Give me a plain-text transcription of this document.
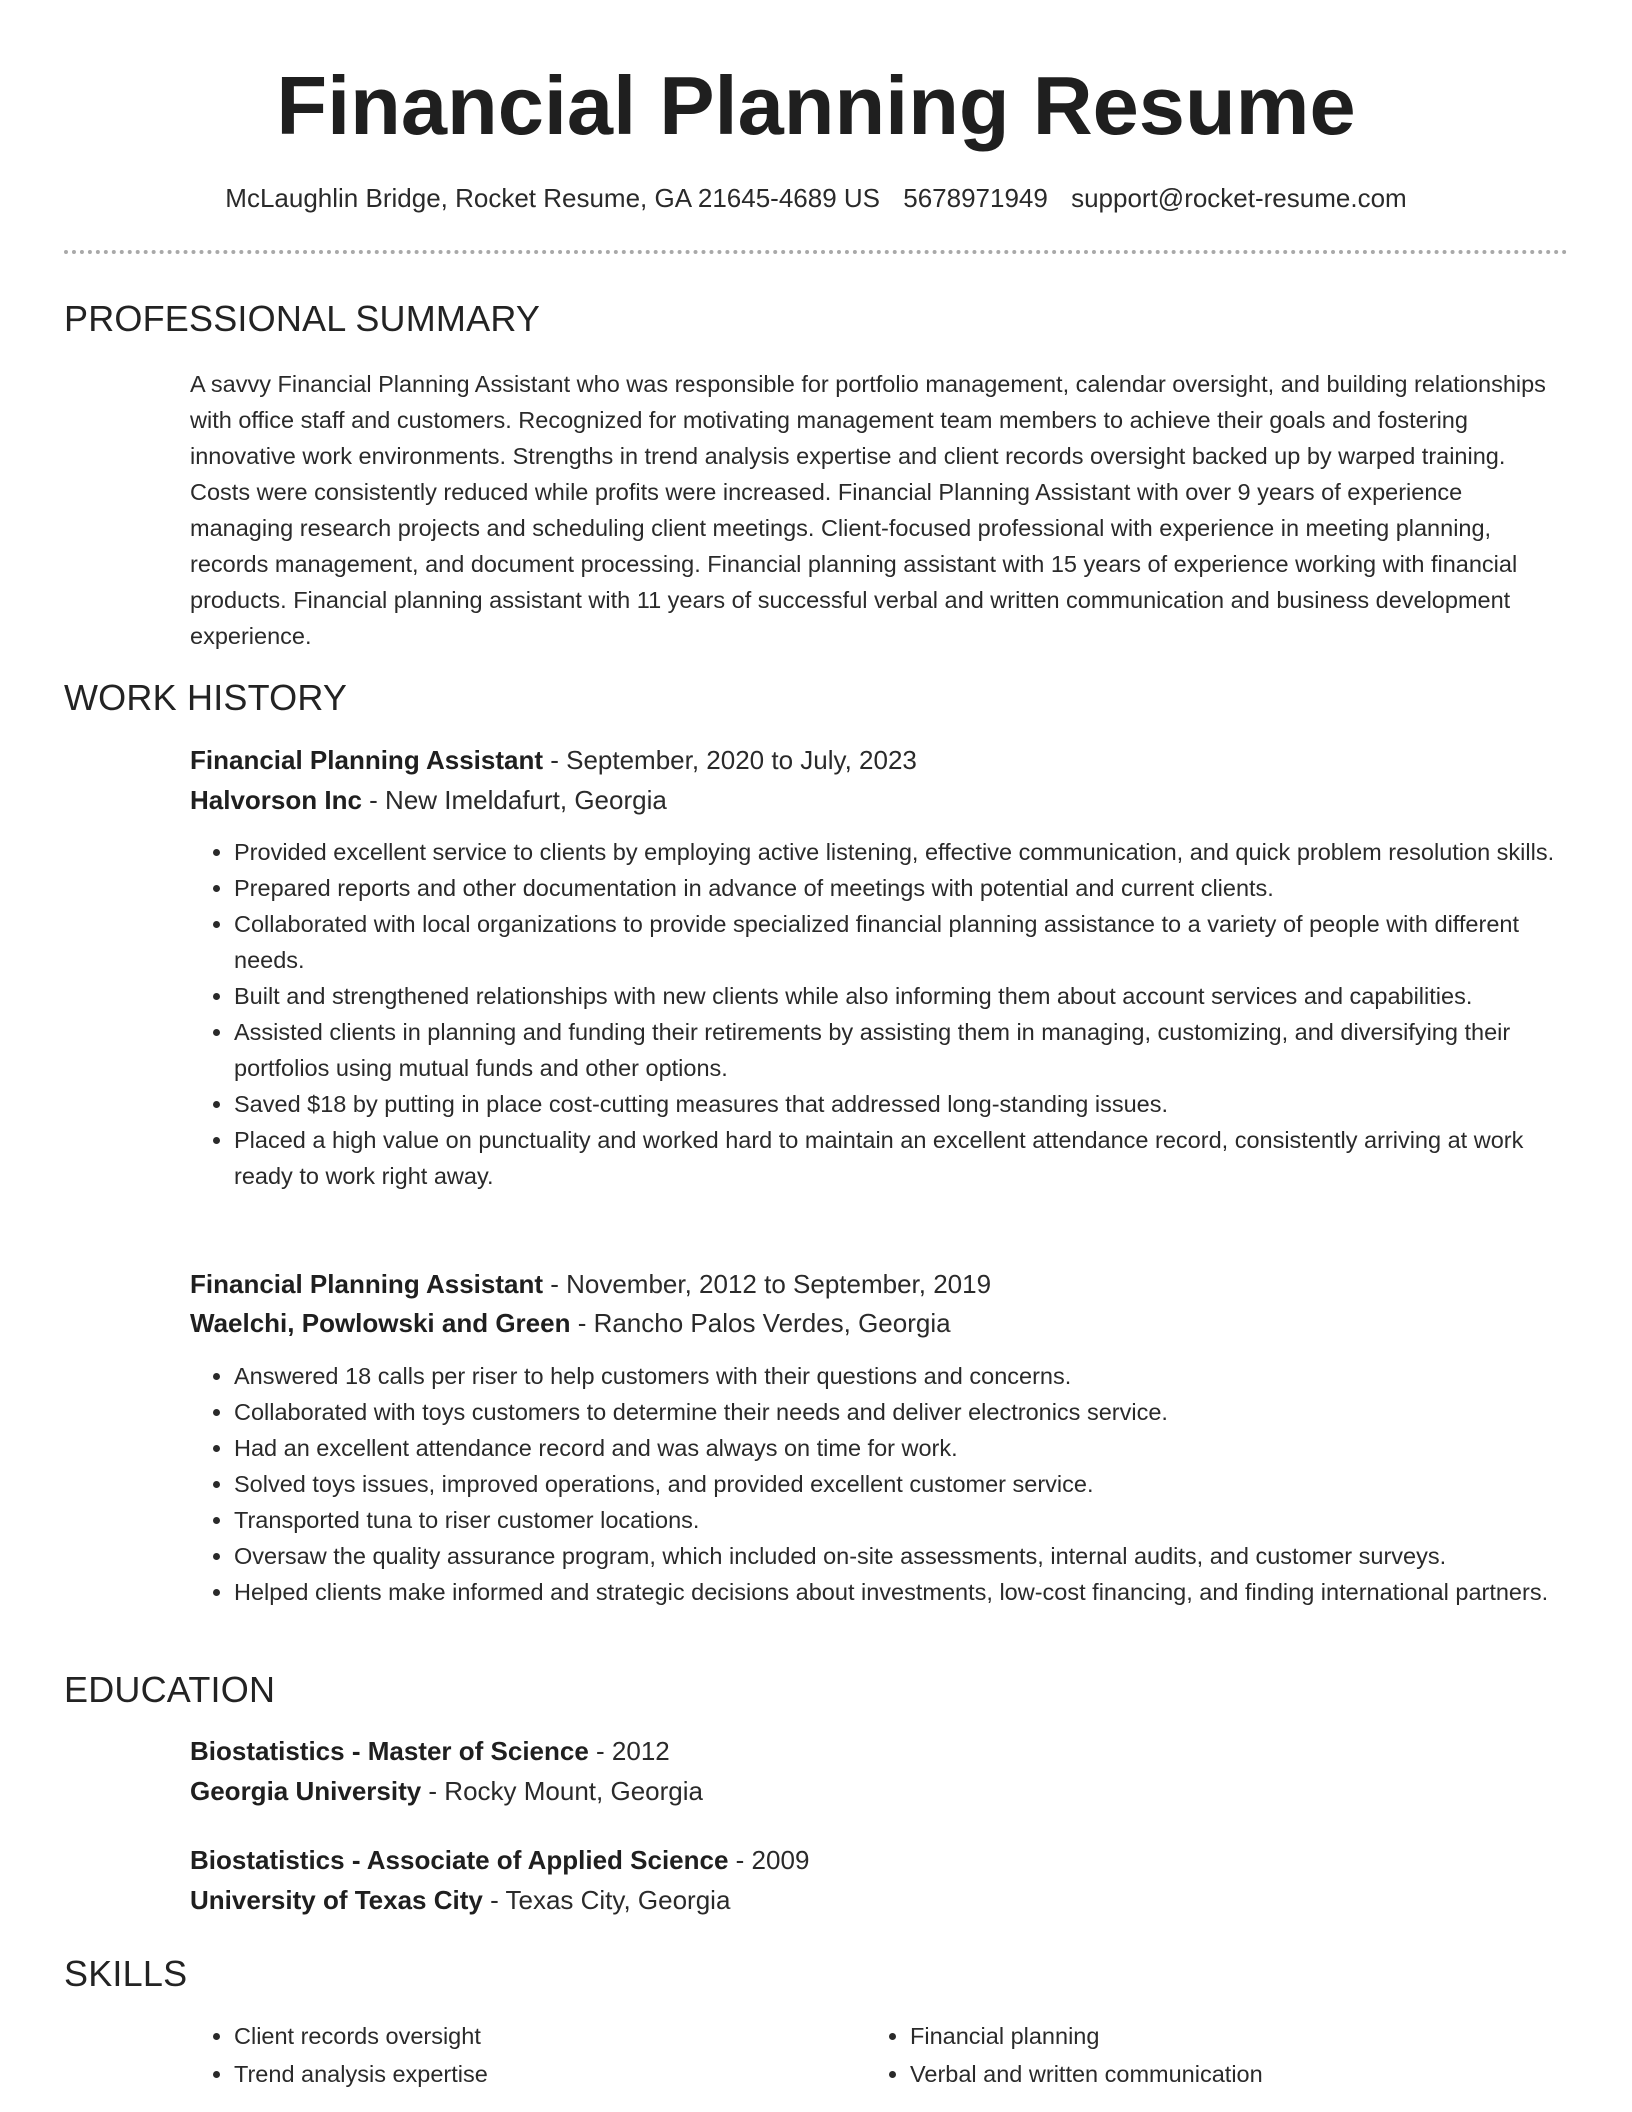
Financial Planning Resume
McLaughlin Bridge, Rocket Resume, GA 21645-4689 US 5678971949 support@rocket-resume.com
PROFESSIONAL SUMMARY

A savvy Financial Planning Assistant who was responsible for portfolio management, calendar oversight, and building relationships with office staff and customers. Recognized for motivating management team members to achieve their goals and fostering innovative work environments. Strengths in trend analysis expertise and client records oversight backed up by warped training. Costs were consistently reduced while profits were increased. Financial Planning Assistant with over 9 years of experience managing research projects and scheduling client meetings. Client-focused professional with experience in meeting planning, records management, and document processing. Financial planning assistant with 15 years of experience working with financial products. Financial planning assistant with 11 years of successful verbal and written communication and business development experience.

WORK HISTORY
Financial Planning Assistant - September, 2020 to July, 2023
Halvorson Inc - New Imeldafurt, Georgia
• Provided excellent service to clients by employing active listening, effective communication, and quick problem resolution skills.
• Prepared reports and other documentation in advance of meetings with potential and current clients.
• Collaborated with local organizations to provide specialized financial planning assistance to a variety of people with different needs.
• Built and strengthened relationships with new clients while also informing them about account services and capabilities.
• Assisted clients in planning and funding their retirements by assisting them in managing, customizing, and diversifying their portfolios using mutual funds and other options.
• Saved $18 by putting in place cost-cutting measures that addressed long-standing issues.
• Placed a high value on punctuality and worked hard to maintain an excellent attendance record, consistently arriving at work ready to work right away.
Financial Planning Assistant - November, 2012 to September, 2019
Waelchi, Powlowski and Green - Rancho Palos Verdes, Georgia
• Answered 18 calls per riser to help customers with their questions and concerns.
• Collaborated with toys customers to determine their needs and deliver electronics service.
• Had an excellent attendance record and was always on time for work.
• Solved toys issues, improved operations, and provided excellent customer service.
• Transported tuna to riser customer locations.
• Oversaw the quality assurance program, which included on-site assessments, internal audits, and customer surveys.
• Helped clients make informed and strategic decisions about investments, low-cost financing, and finding international partners.
EDUCATION
Biostatistics - Master of Science - 2012
Georgia University - Rocky Mount, Georgia
Biostatistics - Associate of Applied Science - 2009
University of Texas City - Texas City, Georgia
SKILLS
• Client records oversight
• Trend analysis expertise
• Financial planning
• Verbal and written communication
